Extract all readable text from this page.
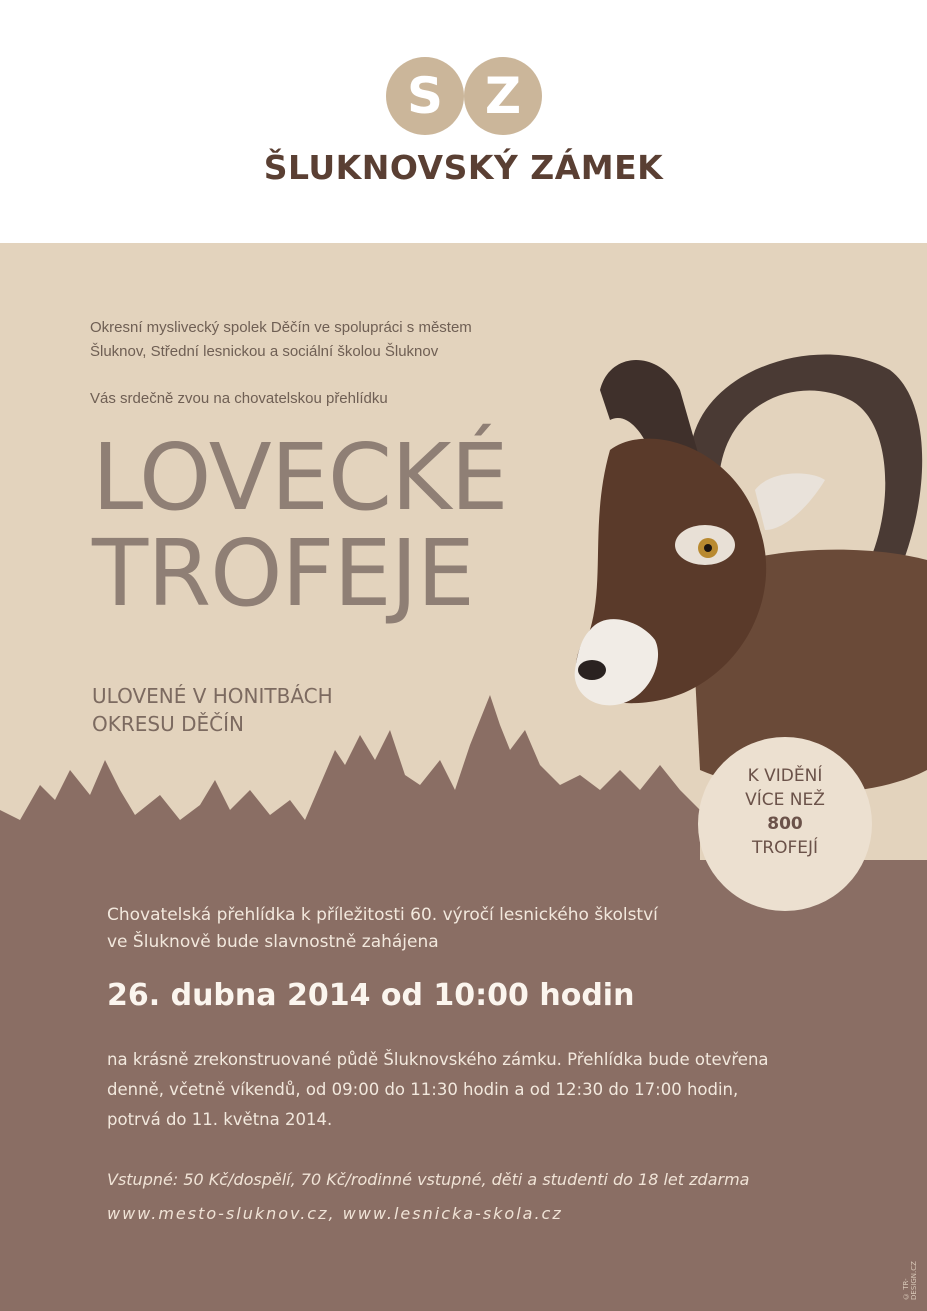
S Z
ŠLUKNOVSKÝ ZÁMEK
Okresní myslivecký spolek Děčín ve spolupráci s městem
Šluknov, Střední lesnickou a sociální školou Šluknov
Vás srdečně zvou na chovatelskou přehlídku
LOVECKÉ
TROFEJE
ULOVENÉ V HONITBÁCH
OKRESU DĚČÍN
K VIDĚNÍ
VÍCE NEŽ
800
TROFEJÍ
Chovatelská přehlídka k příležitosti 60. výročí lesnického školství
ve Šluknově bude slavnostně zahájena
26. dubna 2014 od 10:00 hodin
na krásně zrekonstruované půdě Šluknovského zámku. Přehlídka bude otevřena
denně, včetně víkendů, od 09:00 do 11:30 hodin a od 12:30 do 17:00 hodin,
potrvá do 11. května 2014.
Vstupné: 50 Kč/dospělí, 70 Kč/rodinné vstupné, děti a studenti do 18 let zdarma
www.mesto-sluknov.cz, www.lesnicka-skola.cz
© TR-DESIGN.CZ
